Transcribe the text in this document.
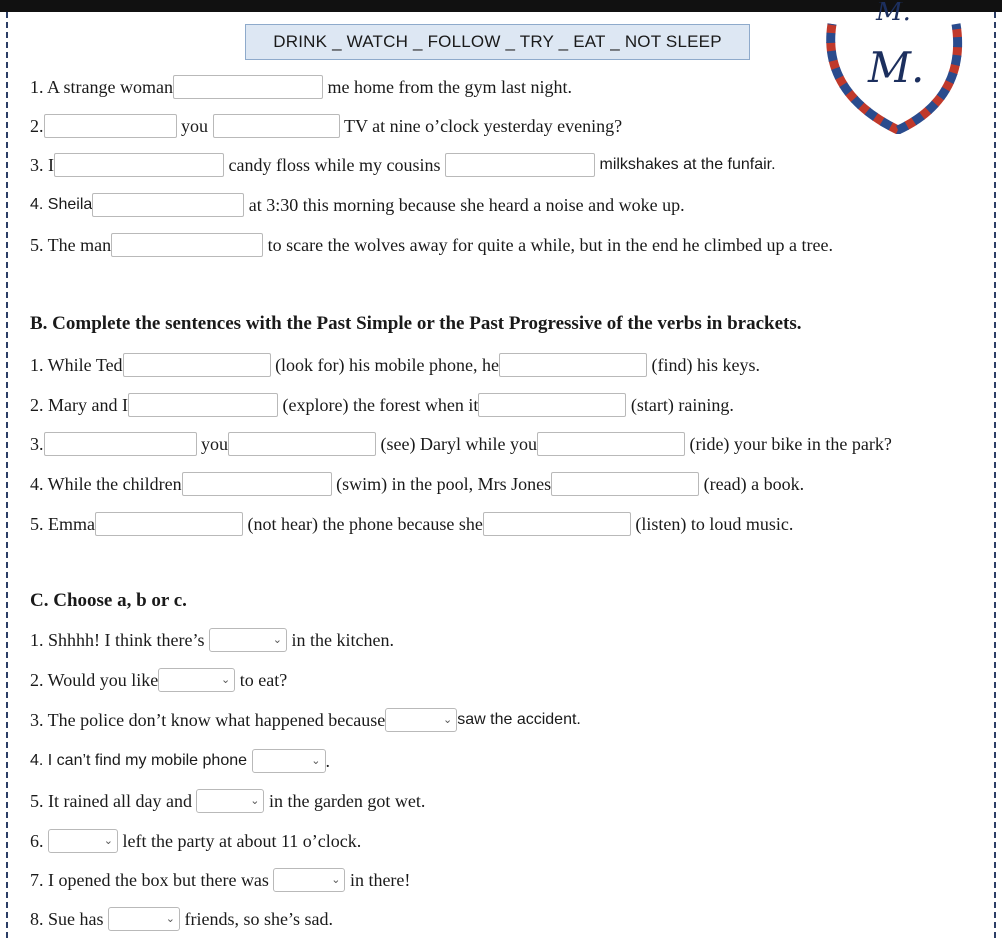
DRINK _ WATCH _ FOLLOW _ TRY _ EAT _ NOT SLEEP
M.
M.
1. A strange woman	me home from the gym last night.
2.	you	TV at nine o’clock yesterday evening?
3. I	candy floss while my cousins	milkshakes at the funfair.
4. Sheila	at 3:30 this morning because she heard a noise and woke up.
5. The man	to scare the wolves away for quite a while, but in the end he climbed up a tree.
B. Complete the sentences with the Past Simple or the Past Progressive of the verbs in brackets.
1. While Ted	(look for) his mobile phone, he	(find) his keys.
2. Mary and I	(explore) the forest when it	(start) raining.
3.	you	(see) Daryl while you	(ride) your bike in the park?
4. While the children	(swim) in the pool, Mrs Jones	(read) a book.
5. Emma	(not hear) the phone because she	(listen) to loud music.
C. Choose a, b or c.
1. Shhhh! I think there’s	⌄ in the kitchen.
2. Would you like	⌄ to eat?
3. The police don’t know what happened because	⌄ saw the accident.
4. I can’t find my mobile phone	⌄ .
5. It rained all day and	⌄ in the garden got wet.
6.	⌄ left the party at about 11 o’clock.
7. I opened the box but there was	⌄ in there!
8. Sue has	⌄ friends, so she’s sad.
